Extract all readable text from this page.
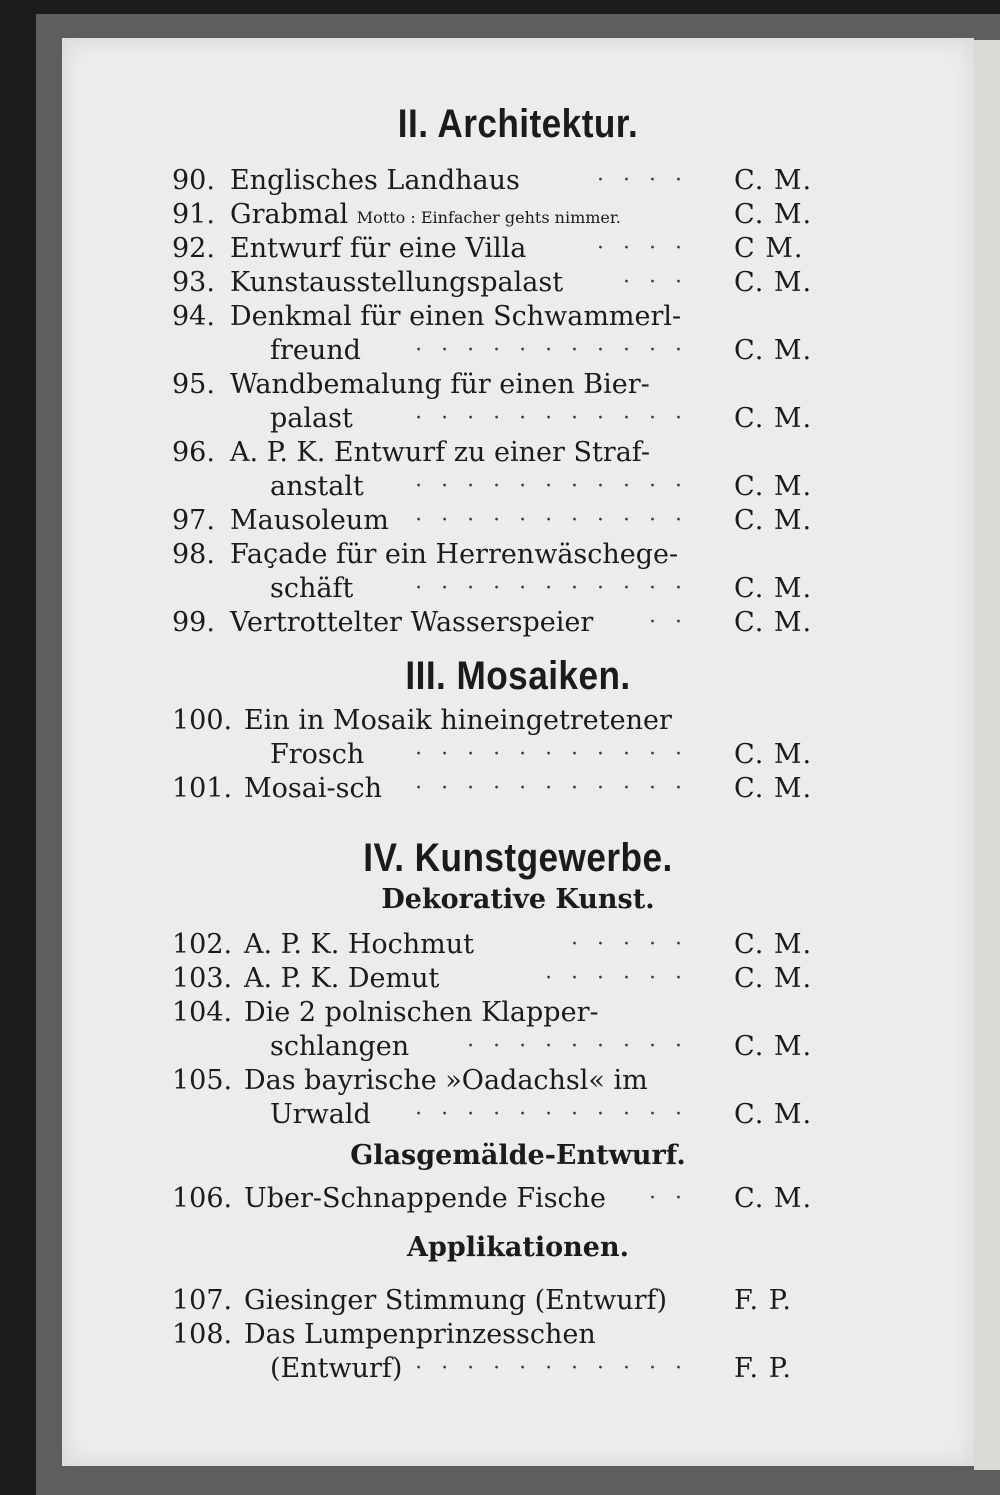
II. Architektur.
90. Englisches Landhaus	· · · · C. M.
91. Grabmal Motto : Einfacher gehts nimmer.	C. M.
92. Entwurf für eine Villa	· · · · C M.
93. Kunstausstellungspalast	· · · C. M.
94. Denkmal für einen Schwammerl-
freund · · · · · · · · · · · C. M.
95. Wandbemalung für einen Bier-
palast	· · · · · · · · · · · C. M.
96. A. P. K. Entwurf zu einer Straf-
anstalt · · · · · · · · · · · C. M.
97. Mausoleum · · · · · · · · · · · C. M.
98. Façade für ein Herrenwäschege-
schäft	· · · · · · · · · · · C. M.
99. Vertrottelter Wasserspeier	· · C. M.
III. Mosaiken.
100. Ein in Mosaik hineingetretener
Frosch · · · · · · · · · · · C. M.
101. Mosai-sch · · · · · · · · · · · C. M.
IV. Kunstgewerbe.
Dekorative Kunst.
102. A. P. K. Hochmut	· · · · · C. M.
103. A. P. K. Demut	· · · · · · C. M.
104. Die 2 polnischen Klapper-
schlangen	· · · · · · · · · C. M.
105. Das bayrische »Oadachsl« im
Urwald · · · · · · · · · · · C. M.
Glasgemälde-Entwurf.
106. Uber-Schnappende Fische · · C. M.
Applikationen.
107. Giesinger Stimmung (Entwurf) F. P.
108. Das Lumpenprinzesschen
(Entwurf) · · · · · · · · · · · F. P.
